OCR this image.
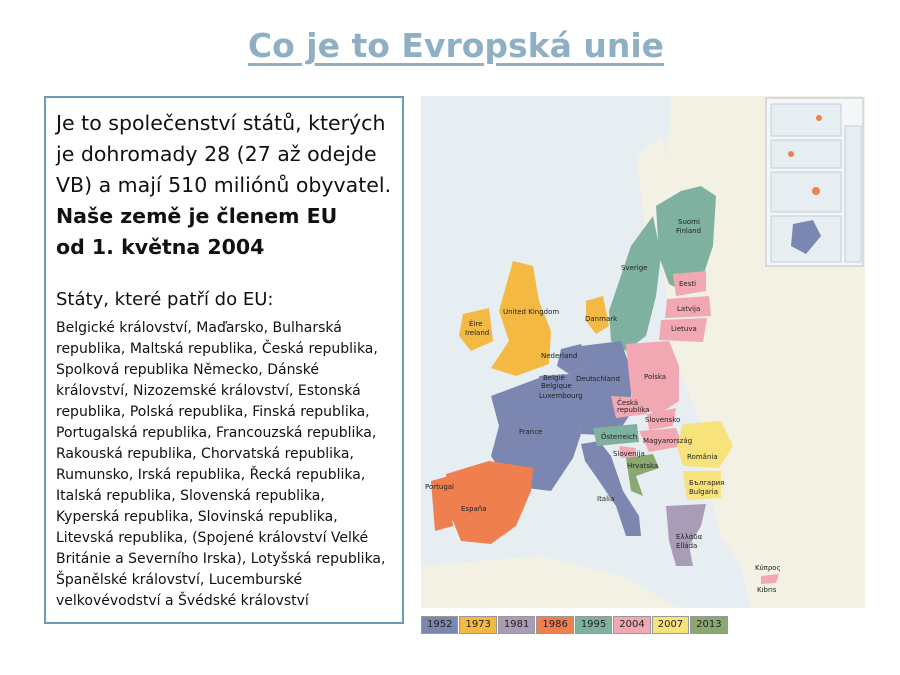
Co je to Evropská unie

Je to společenství států, kterých je dohromady 28 (27 až odejde VB) a mají 510 miliónů obyvatel.

Naše země je členem EU

od 1. května 2004

Státy, které patří do EU:

Belgické království, Maďarsko, Bulharská republika, Maltská republika, Česká republika, Spolková republika Německo, Dánské království, Nizozemské království, Estonská republika, Polská republika, Finská republika, Portugalská republika, Francouzská republika, Rakouská republika, Chorvatská republika, Rumunsko, Irská republika, Řecká republika, Italská republika, Slovenská republika, Kyperská republika, Slovinská republika, Litevská republika, (Spojené království Velké Británie a Severního Irska), Lotyšská republika, Španělské království, Lucemburské velkovévodství a Švédské království

Suomi
Finland
Sverige
Eesti
Latvija
Lietuva
United Kingdom
Éire
Ireland
Danmark
Nederland
België
Belgique
Luxembourg
Deutschland	Polska
Česká
republika
Slovensko
Österreich Magyarország
Slovenija
Hrvatska
România
България
Bulgaria
France
Portugal
España
Italia
Ελλάδα
Elláda
Κύπρος
Kıbrıs
1952	1973	1981	1986	1995	2004	2007	2013
